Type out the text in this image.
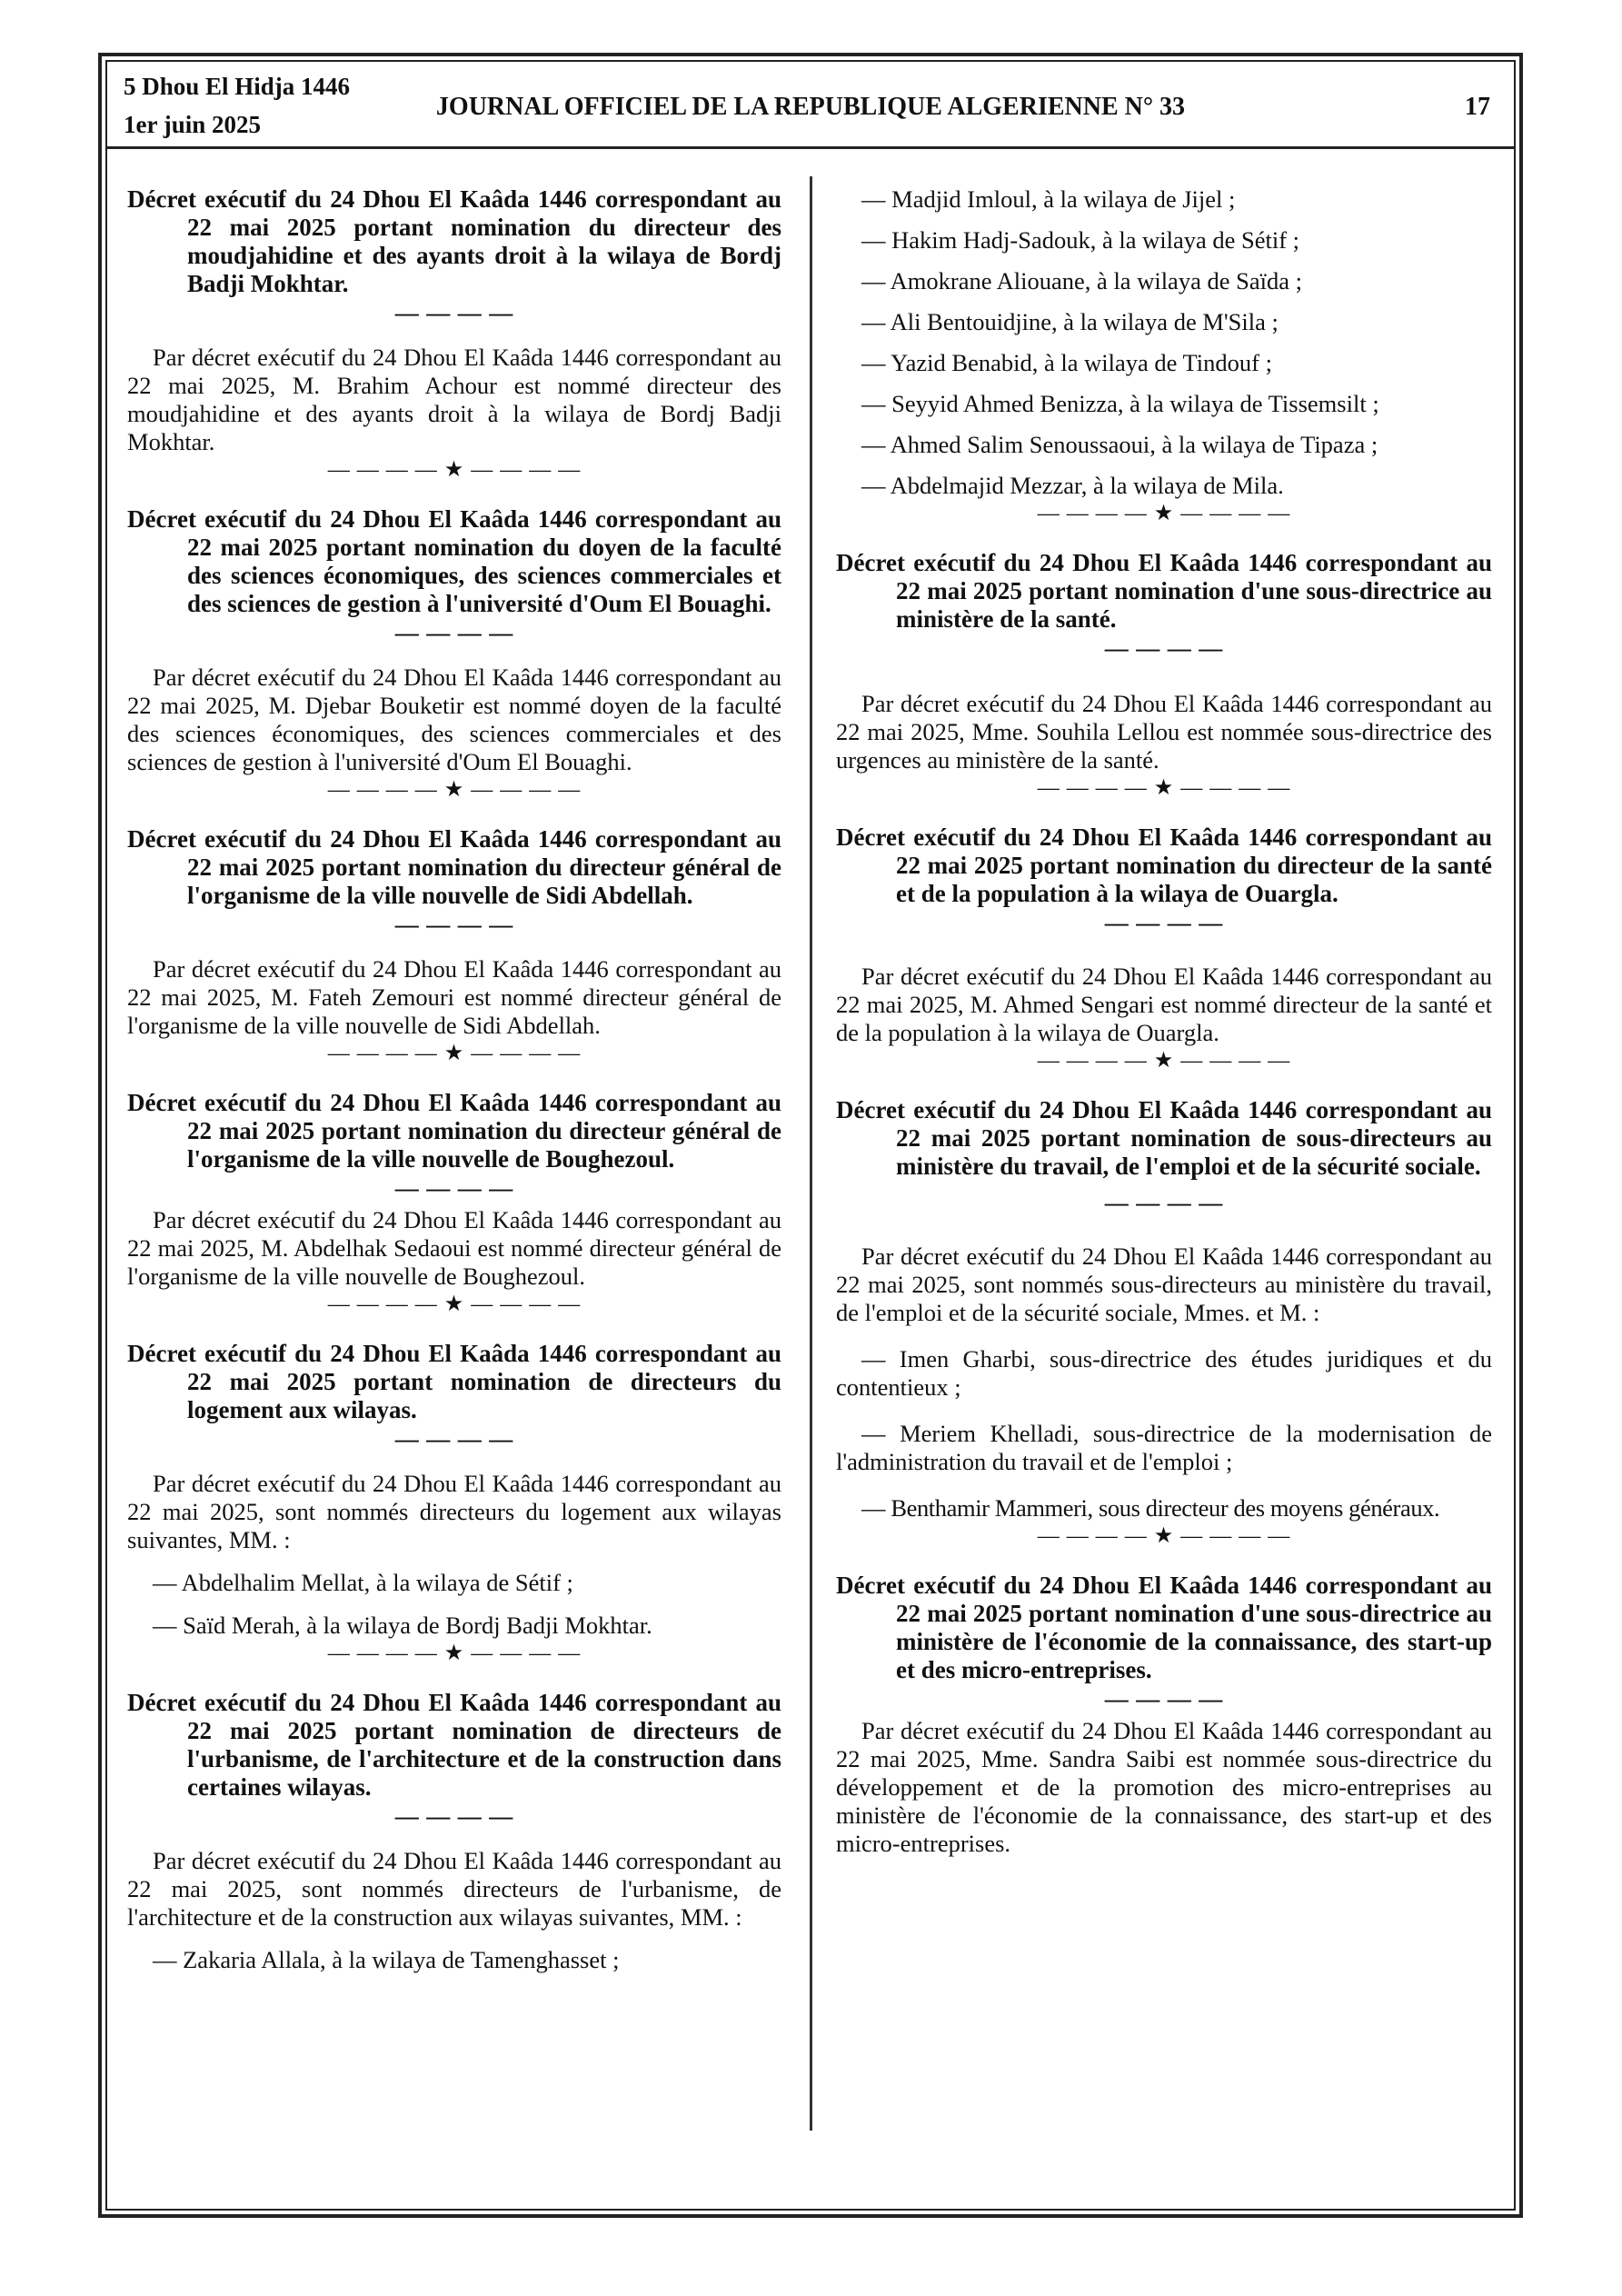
5 Dhou El Hidja 1446
1er juin 2025
JOURNAL OFFICIEL DE LA REPUBLIQUE ALGERIENNE N° 33	17

Décret exécutif du 24 Dhou El Kaâda 1446 correspondant au 22 mai 2025 portant nomination du directeur des moudjahidine et des ayants droit à la wilaya de Bordj Badji Mokhtar.

— — — —

Par décret exécutif du 24 Dhou El Kaâda 1446 correspondant au 22 mai 2025, M. Brahim Achour est nommé directeur des moudjahidine et des ayants droit à la wilaya de Bordj Badji Mokhtar.

— — — — ★ — — — —

Décret exécutif du 24 Dhou El Kaâda 1446 correspondant au 22 mai 2025 portant nomination du doyen de la faculté des sciences économiques, des sciences commerciales et des sciences de gestion à l'université d'Oum El Bouaghi.

— — — —

Par décret exécutif du 24 Dhou El Kaâda 1446 correspondant au 22 mai 2025, M. Djebar Bouketir est nommé doyen de la faculté des sciences économiques, des sciences commerciales et des sciences de gestion à l'université d'Oum El Bouaghi.

— — — — ★ — — — —

Décret exécutif du 24 Dhou El Kaâda 1446 correspondant au 22 mai 2025 portant nomination du directeur général de l'organisme de la ville nouvelle de Sidi Abdellah.

— — — —

Par décret exécutif du 24 Dhou El Kaâda 1446 correspondant au 22 mai 2025, M. Fateh Zemouri est nommé directeur général de l'organisme de la ville nouvelle de Sidi Abdellah.

— — — — ★ — — — —

Décret exécutif du 24 Dhou El Kaâda 1446 correspondant au 22 mai 2025 portant nomination du directeur général de l'organisme de la ville nouvelle de Boughezoul.

— — — —

Par décret exécutif du 24 Dhou El Kaâda 1446 correspondant au 22 mai 2025, M. Abdelhak Sedaoui est nommé directeur général de l'organisme de la ville nouvelle de Boughezoul.

— — — — ★ — — — —

Décret exécutif du 24 Dhou El Kaâda 1446 correspondant au 22 mai 2025 portant nomination de directeurs du logement aux wilayas.

— — — —

Par décret exécutif du 24 Dhou El Kaâda 1446 correspondant au 22 mai 2025, sont nommés directeurs du logement aux wilayas suivantes, MM. :

— Abdelhalim Mellat, à la wilaya de Sétif ;

— Saïd Merah, à la wilaya de Bordj Badji Mokhtar.

— — — — ★ — — — —

Décret exécutif du 24 Dhou El Kaâda 1446 correspondant au 22 mai 2025 portant nomination de directeurs de l'urbanisme, de l'architecture et de la construction dans certaines wilayas.

— — — —

Par décret exécutif du 24 Dhou El Kaâda 1446 correspondant au 22 mai 2025, sont nommés directeurs de l'urbanisme, de l'architecture et de la construction aux wilayas suivantes, MM. :

— Zakaria Allala, à la wilaya de Tamenghasset ;

— Madjid Imloul, à la wilaya de Jijel ;

— Hakim Hadj-Sadouk, à la wilaya de Sétif ;

— Amokrane Aliouane, à la wilaya de Saïda ;

— Ali Bentouidjine, à la wilaya de M'Sila ;

— Yazid Benabid, à la wilaya de Tindouf ;

— Seyyid Ahmed Benizza, à la wilaya de Tissemsilt ;

— Ahmed Salim Senoussaoui, à la wilaya de Tipaza ;

— Abdelmajid Mezzar, à la wilaya de Mila.

— — — — ★ — — — —

Décret exécutif du 24 Dhou El Kaâda 1446 correspondant au 22 mai 2025 portant nomination d'une sous-directrice au ministère de la santé.

— — — —

Par décret exécutif du 24 Dhou El Kaâda 1446 correspondant au 22 mai 2025, Mme. Souhila Lellou est nommée sous-directrice des urgences au ministère de la santé.

— — — — ★ — — — —

Décret exécutif du 24 Dhou El Kaâda 1446 correspondant au 22 mai 2025 portant nomination du directeur de la santé et de la population à la wilaya de Ouargla.

— — — —

Par décret exécutif du 24 Dhou El Kaâda 1446 correspondant au 22 mai 2025, M. Ahmed Sengari est nommé directeur de la santé et de la population à la wilaya de Ouargla.

— — — — ★ — — — —

Décret exécutif du 24 Dhou El Kaâda 1446 correspondant au 22 mai 2025 portant nomination de sous-directeurs au ministère du travail, de l'emploi et de la sécurité sociale.

— — — —

Par décret exécutif du 24 Dhou El Kaâda 1446 correspondant au 22 mai 2025, sont nommés sous-directeurs au ministère du travail, de l'emploi et de la sécurité sociale, Mmes. et M. :

— Imen Gharbi, sous-directrice des études juridiques et du contentieux ;

— Meriem Khelladi, sous-directrice de la modernisation de l'administration du travail et de l'emploi ;

— Benthamir Mammeri, sous directeur des moyens généraux.

— — — — ★ — — — —

Décret exécutif du 24 Dhou El Kaâda 1446 correspondant au 22 mai 2025 portant nomination d'une sous-directrice au ministère de l'économie de la connaissance, des start-up et des micro-entreprises.

— — — —

Par décret exécutif du 24 Dhou El Kaâda 1446 correspondant au 22 mai 2025, Mme. Sandra Saibi est nommée sous-directrice du développement et de la promotion des micro-entreprises au ministère de l'économie de la connaissance, des start-up et des micro-entreprises.
